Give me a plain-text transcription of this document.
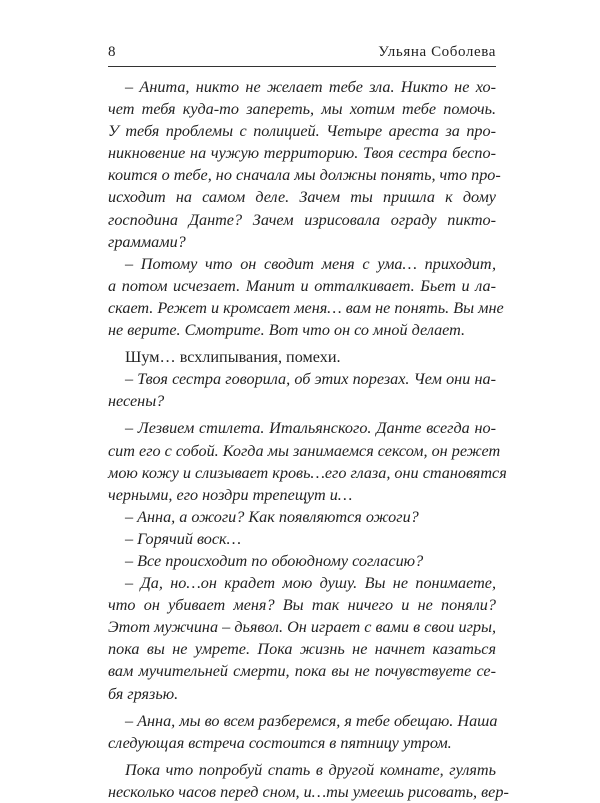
8	Ульяна Соболева
– Анита, никто не желает тебе зла. Никто не хо-
чет тебя куда-то запереть, мы хотим тебе помочь.
У тебя проблемы с полицией. Четыре ареста за про-
никновение на чужую территорию. Твоя сестра беспо-
коится о тебе, но сначала мы должны понять, что про-
исходит на самом деле. Зачем ты пришла к дому
господина Данте? Зачем изрисовала ограду пикто-
граммами?
– Потому что он сводит меня с ума… приходит,
а потом исчезает. Манит и отталкивает. Бьет и ла-
скает. Режет и кромсает меня… вам не понять. Вы мне
не верите. Смотрите. Вот что он со мной делает.
Шум… всхлипывания, помехи.
– Твоя сестра говорила, об этих порезах. Чем они на-
несены?
– Лезвием стилета. Итальянского. Данте всегда но-
сит его с собой. Когда мы занимаемся сексом, он режет
мою кожу и слизывает кровь…его глаза, они становятся
черными, его ноздри трепещут и…
– Анна, а ожоги? Как появляются ожоги?
– Горячий воск…
– Все происходит по обоюдному согласию?
– Да, но…он крадет мою душу. Вы не понимаете,
что он убивает меня? Вы так ничего и не поняли?
Этот мужчина – дьявол. Он играет с вами в свои игры,
пока вы не умрете. Пока жизнь не начнет казаться
вам мучительней смерти, пока вы не почувствуете се-
бя грязью.
– Анна, мы во всем разберемся, я тебе обещаю. Наша
следующая встреча состоится в пятницу утром.
Пока что попробуй спать в другой комнате, гулять
несколько часов перед сном, и…ты умеешь рисовать, вер-
